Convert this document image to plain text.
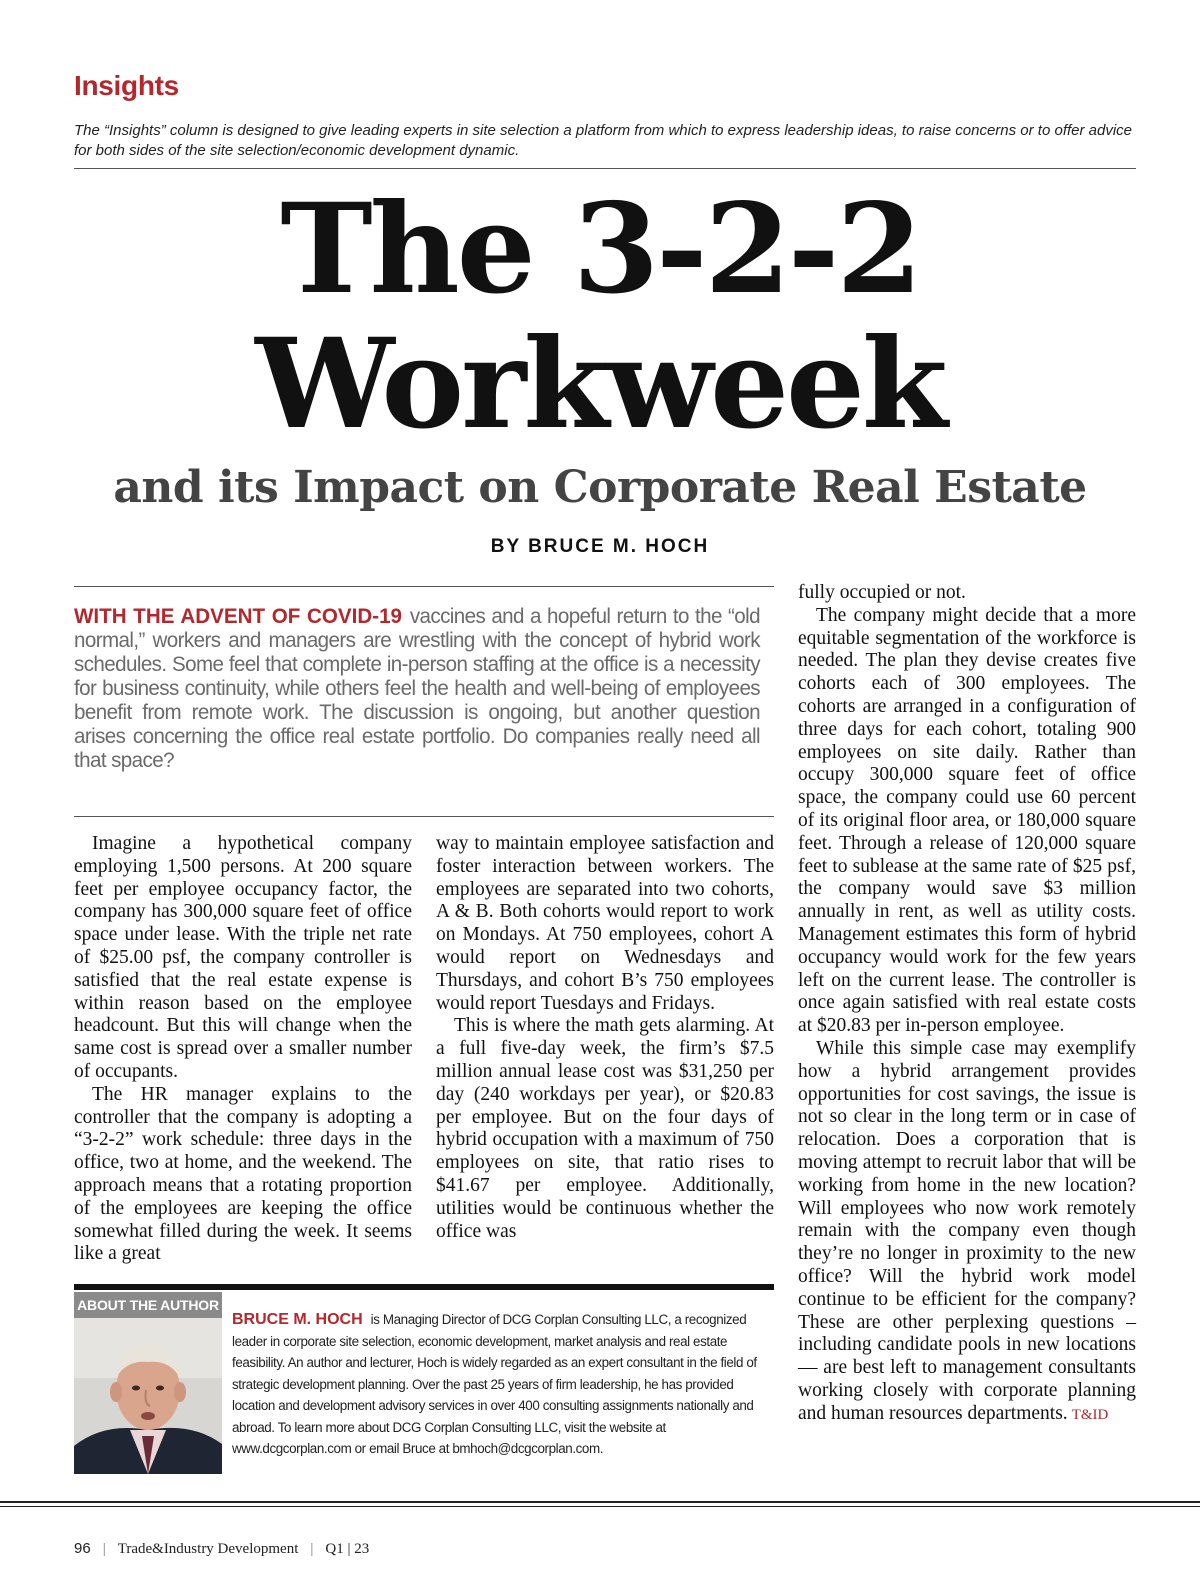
Insights

The “Insights” column is designed to give leading experts in site selection a platform from which to express leadership ideas, to raise concerns or to offer advice for both sides of the site selection/economic development dynamic.

The 3-2-2
Workweek
and its Impact on Corporate Real Estate
BY BRUCE M. HOCH

WITH THE ADVENT OF COVID-19 vaccines and a hopeful return to the “old normal,” workers and managers are wrestling with the concept of hybrid work schedules. Some feel that complete in-person staffing at the office is a necessity for business continuity, while others feel the health and well-being of employees benefit from remote work. The discussion is ongoing, but another question arises concerning the office real estate portfolio. Do companies really need all that space?

Imagine a hypothetical company employing 1,500 persons. At 200 square feet per employee occupancy factor, the company has 300,000 square feet of office space under lease. With the triple net rate of $25.00 psf, the company controller is satisfied that the real estate expense is within reason based on the employee headcount. But this will change when the same cost is spread over a smaller number of occupants.

The HR manager explains to the controller that the company is adopting a “3-2-2” work schedule: three days in the office, two at home, and the weekend. The approach means that a rotating proportion of the employees are keeping the office somewhat filled during the week. It seems like a great

way to maintain employee satisfaction and foster interaction between workers. The employees are separated into two cohorts, A & B. Both cohorts would report to work on Mondays. At 750 employees, cohort A would report on Wednesdays and Thursdays, and cohort B’s 750 employees would report Tuesdays and Fridays.

This is where the math gets alarming. At a full five-day week, the firm’s $7.5 million annual lease cost was $31,250 per day (240 workdays per year), or $20.83 per employee. But on the four days of hybrid occupation with a maximum of 750 employees on site, that ratio rises to $41.67 per employee. Additionally, utilities would be continuous whether the office was

fully occupied or not.

The company might decide that a more equitable segmentation of the workforce is needed. The plan they devise creates five cohorts each of 300 employees. The cohorts are arranged in a configuration of three days for each cohort, totaling 900 employees on site daily. Rather than occupy 300,000 square feet of office space, the company could use 60 percent of its original floor area, or 180,000 square feet. Through a release of 120,000 square feet to sublease at the same rate of $25 psf, the company would save $3 million annually in rent, as well as utility costs. Management estimates this form of hybrid occupancy would work for the few years left on the current lease. The controller is once again satisfied with real estate costs at $20.83 per in-person employee.

While this simple case may exemplify how a hybrid arrangement provides opportunities for cost savings, the issue is not so clear in the long term or in case of relocation. Does a corporation that is moving attempt to recruit labor that will be working from home in the new location? Will employees who now work remotely remain with the company even though they’re no longer in proximity to the new office? Will the hybrid work model continue to be efficient for the company? These are other perplexing questions – including candidate pools in new locations — are best left to management consultants working closely with corporate planning and human resources departments. T&ID

ABOUT THE AUTHOR

BRUCE M. HOCH is Managing Director of DCG Corplan Consulting LLC, a recognized leader in corporate site selection, economic development, market analysis and real estate feasibility. An author and lecturer, Hoch is widely regarded as an expert consultant in the field of strategic development planning. Over the past 25 years of firm leadership, he has provided location and development advisory services in over 400 consulting assignments nationally and abroad. To learn more about DCG Corplan Consulting LLC, visit the website at www.dcgcorplan.com or email Bruce at bmhoch@dcgcorplan.com.

96 | Trade&Industry Development | Q1 | 23
